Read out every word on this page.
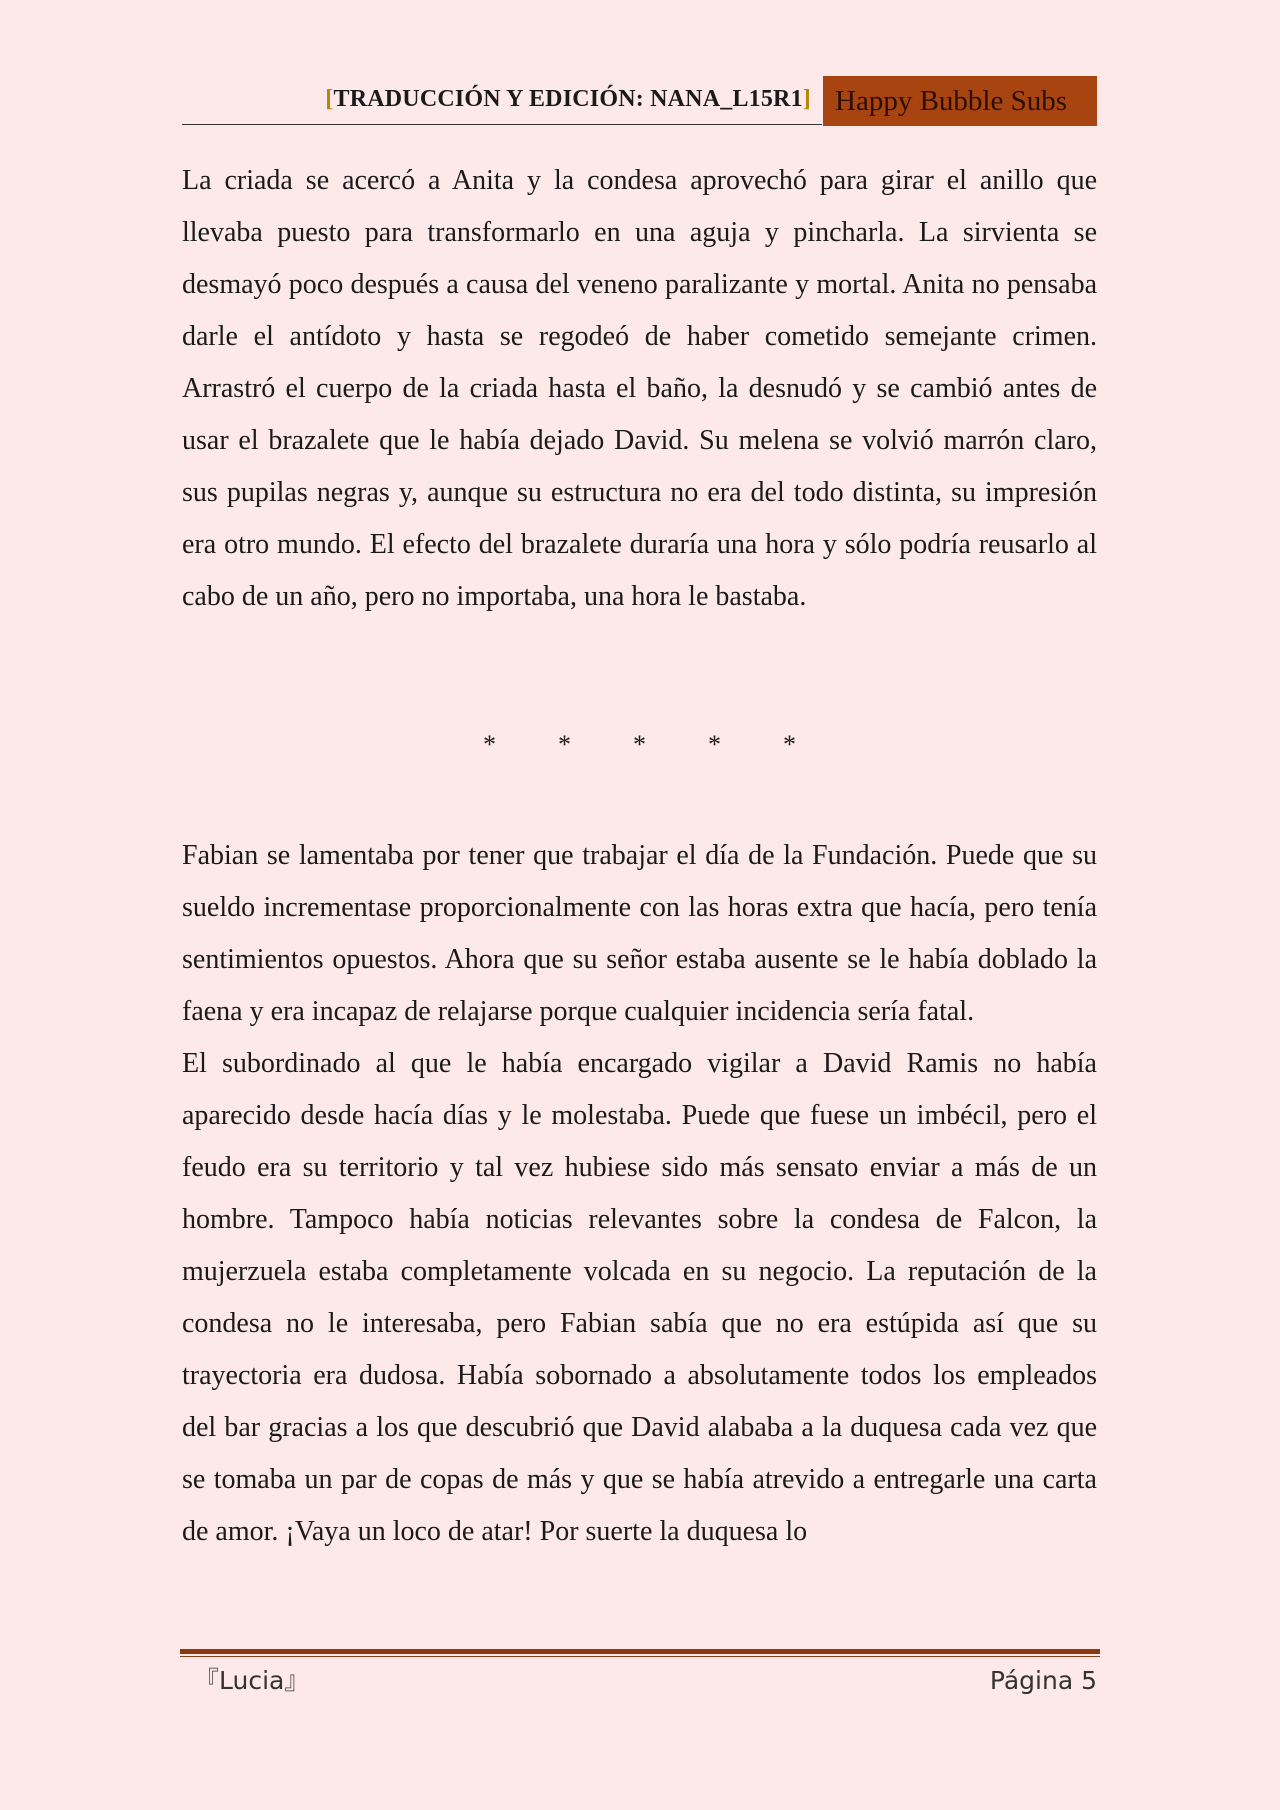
[TRADUCCIÓN Y EDICIÓN: NANA_L15R1] Happy Bubble Subs

La criada se acercó a Anita y la condesa aprovechó para girar el anillo que llevaba puesto para transformarlo en una aguja y pincharla. La sirvienta se desmayó poco después a causa del veneno paralizante y mortal. Anita no pensaba darle el antídoto y hasta se regodeó de haber cometido semejante crimen. Arrastró el cuerpo de la criada hasta el baño, la desnudó y se cambió antes de usar el brazalete que le había dejado David. Su melena se volvió marrón claro, sus pupilas negras y, aunque su estructura no era del todo distinta, su impresión era otro mundo. El efecto del brazalete duraría una hora y sólo podría reusarlo al cabo de un año, pero no importaba, una hora le bastaba.

* * * * *

Fabian se lamentaba por tener que trabajar el día de la Fundación. Puede que su sueldo incrementase proporcionalmente con las horas extra que hacía, pero tenía sentimientos opuestos. Ahora que su señor estaba ausente se le había doblado la faena y era incapaz de relajarse porque cualquier incidencia sería fatal.

El subordinado al que le había encargado vigilar a David Ramis no había aparecido desde hacía días y le molestaba. Puede que fuese un imbécil, pero el feudo era su territorio y tal vez hubiese sido más sensato enviar a más de un hombre. Tampoco había noticias relevantes sobre la condesa de Falcon, la mujerzuela estaba completamente volcada en su negocio. La reputación de la condesa no le interesaba, pero Fabian sabía que no era estúpida así que su trayectoria era dudosa. Había sobornado a absolutamente todos los empleados del bar gracias a los que descubrió que David alababa a la duquesa cada vez que se tomaba un par de copas de más y que se había atrevido a entregarle una carta de amor. ¡Vaya un loco de atar! Por suerte la duquesa lo

『Lucia』	Página 5
